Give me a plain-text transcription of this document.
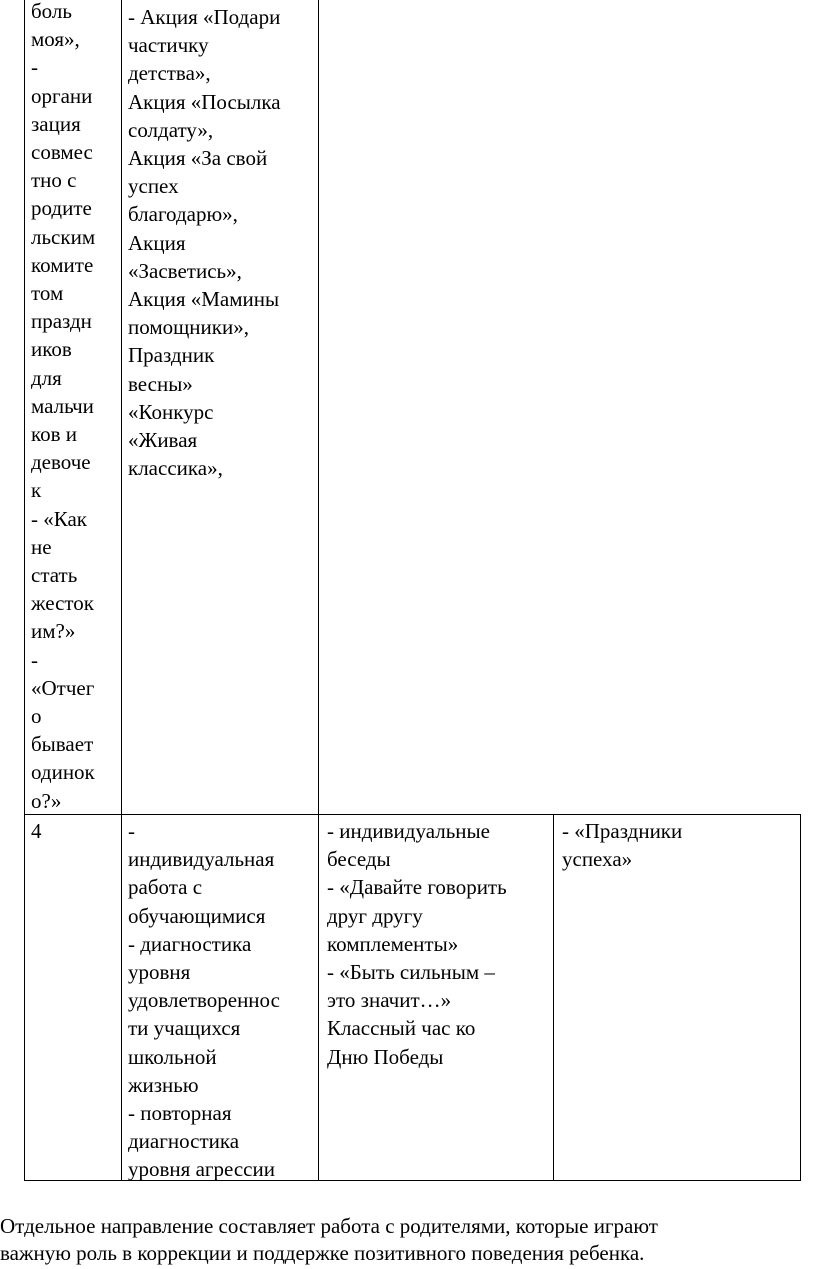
боль
моя»,
-
органи
зация
совмес
тно с
родите
льским
комите
том
праздн
иков
для
мальчи
ков и
девоче
к
- «Как
не
стать
жесток
им?»
-
«Отчег
о
бывает
одинок
о?»
- Акция «Подари
частичку
детства»,
Акция «Посылка
солдату»,
Акция «За свой
успех
благодарю»,
Акция
«Засветись»,
Акция «Мамины
помощники»,
Праздник
весны»
«Конкурс
«Живая
классика»,
4	-
индивидуальная
работа с
обучающимися
- диагностика
уровня
удовлетвореннос
ти учащихся
школьной
жизнью
- повторная
диагностика
уровня агрессии
- индивидуальные
беседы
- «Давайте говорить
друг другу
комплементы»
- «Быть сильным –
это значит…»
Классный час ко
Дню Победы
- «Праздники
успеха»
Отдельное направление составляет работа с родителями, которые играют
важную роль в коррекции и поддержке позитивного поведения ребенка.
